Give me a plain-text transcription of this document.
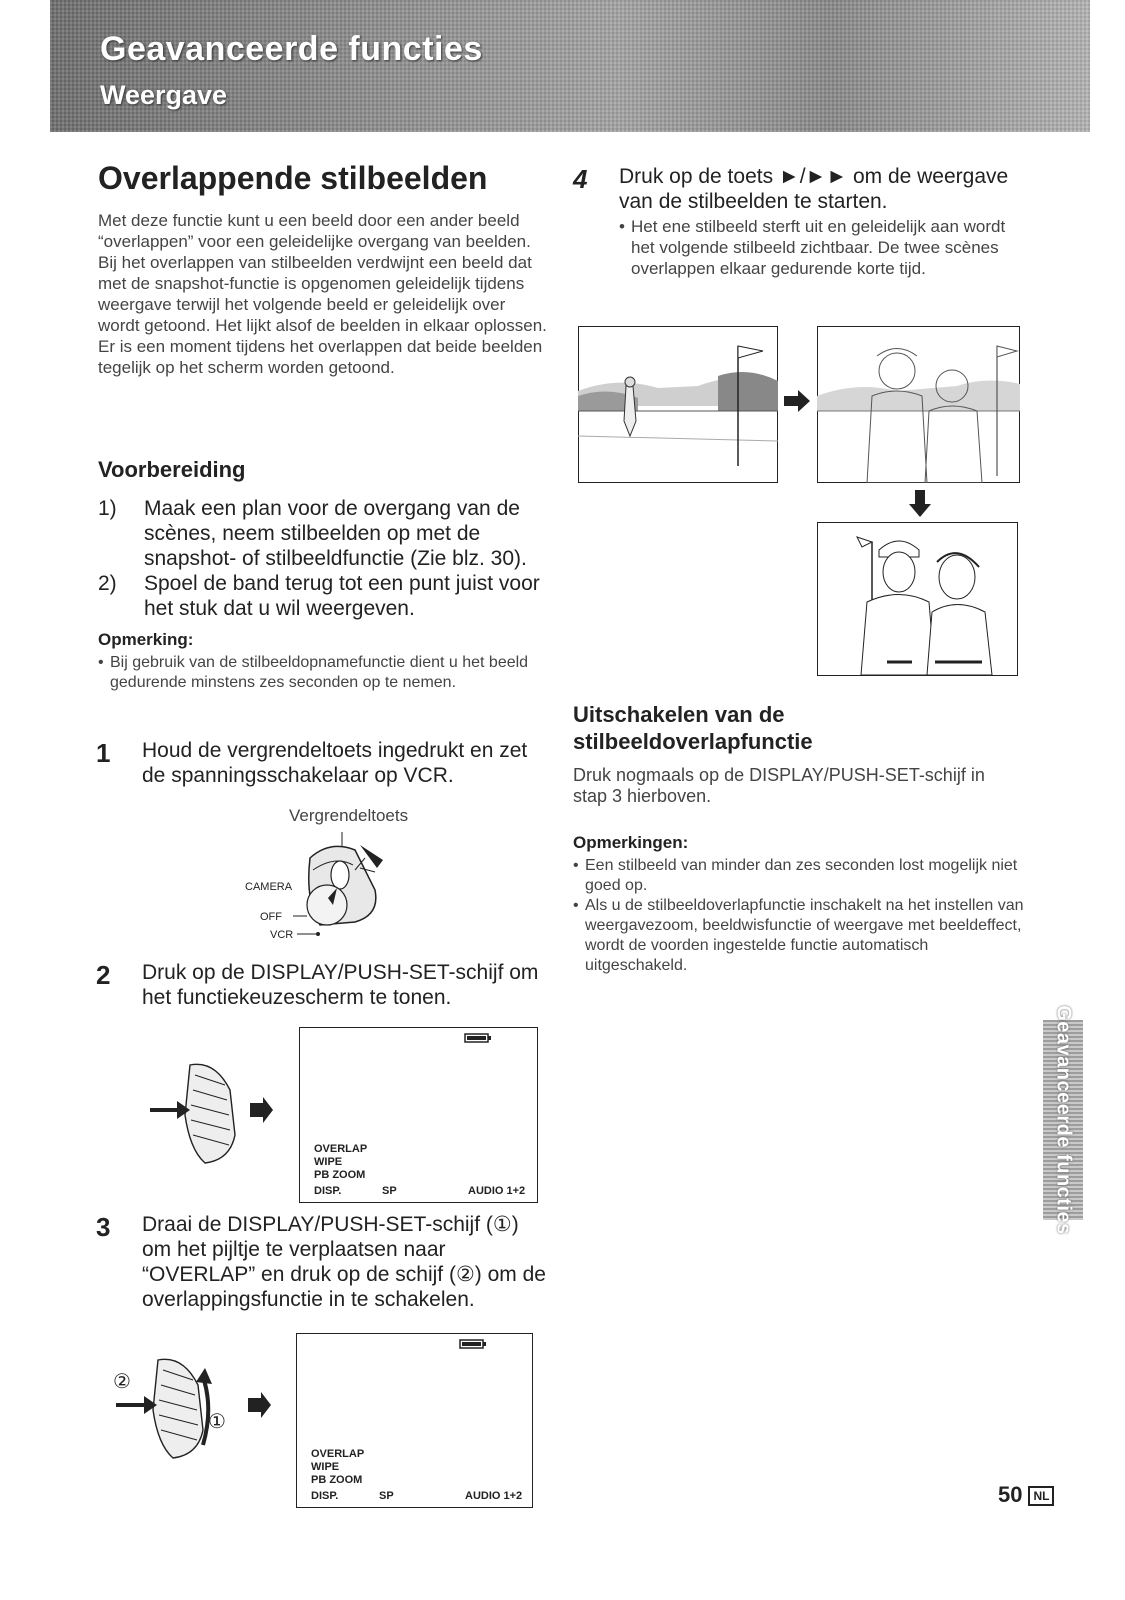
Geavanceerde functies
Weergave
Overlappende stilbeelden
Met deze functie kunt u een beeld door een ander beeld “overlappen” voor een geleidelijke overgang van beelden. Bij het overlappen van stilbeelden verdwijnt een beeld dat met de snapshot-functie is opgenomen geleidelijk tijdens weergave terwijl het volgende beeld er geleidelijk over wordt getoond. Het lijkt alsof de beelden in elkaar oplossen. Er is een moment tijdens het overlappen dat beide beelden tegelijk op het scherm worden getoond.
Voorbereiding
1)	Maak een plan voor de overgang van de scènes, neem stilbeelden op met de snapshot- of stilbeeldfunctie (Zie blz. 30).
2)	Spoel de band terug tot een punt juist voor het stuk dat u wil weergeven.
Opmerking:
• Bij gebruik van de stilbeeldopnamefunctie dient u het beeld gedurende minstens zes seconden op te nemen.
1	Houd de vergrendeltoets ingedrukt en zet de spanningsschakelaar op VCR.
Vergrendeltoets
CAMERA
OFF
VCR
2	Druk op de DISPLAY/PUSH-SET-schijf om het functiekeuzescherm te tonen.
OVERLAP
WIPE
PB ZOOM
DISP.	SP	AUDIO 1+2
3	Draai de DISPLAY/PUSH-SET-schijf (①) om het pijltje te verplaatsen naar “OVERLAP” en druk op de schijf (②) om de overlappingsfunctie in te schakelen.
②
①
OVERLAP
WIPE
PB ZOOM
DISP.	SP	AUDIO 1+2
4	Druk op de toets ►/►► om de weergave van de stilbeelden te starten.
• Het ene stilbeeld sterft uit en geleidelijk aan wordt het volgende stilbeeld zichtbaar. De twee scènes overlappen elkaar gedurende korte tijd.
Uitschakelen van de stilbeeldoverlapfunctie
Druk nogmaals op de DISPLAY/PUSH-SET-schijf in stap 3 hierboven.
Opmerkingen:
• Een stilbeeld van minder dan zes seconden lost mogelijk niet goed op.
• Als u de stilbeeldoverlapfunctie inschakelt na het instellen van weergavezoom, beeldwisfunctie of weergave met beeldeffect, wordt de voorden ingestelde functie automatisch uitgeschakeld.
Geavanceerde functies
50 NL
